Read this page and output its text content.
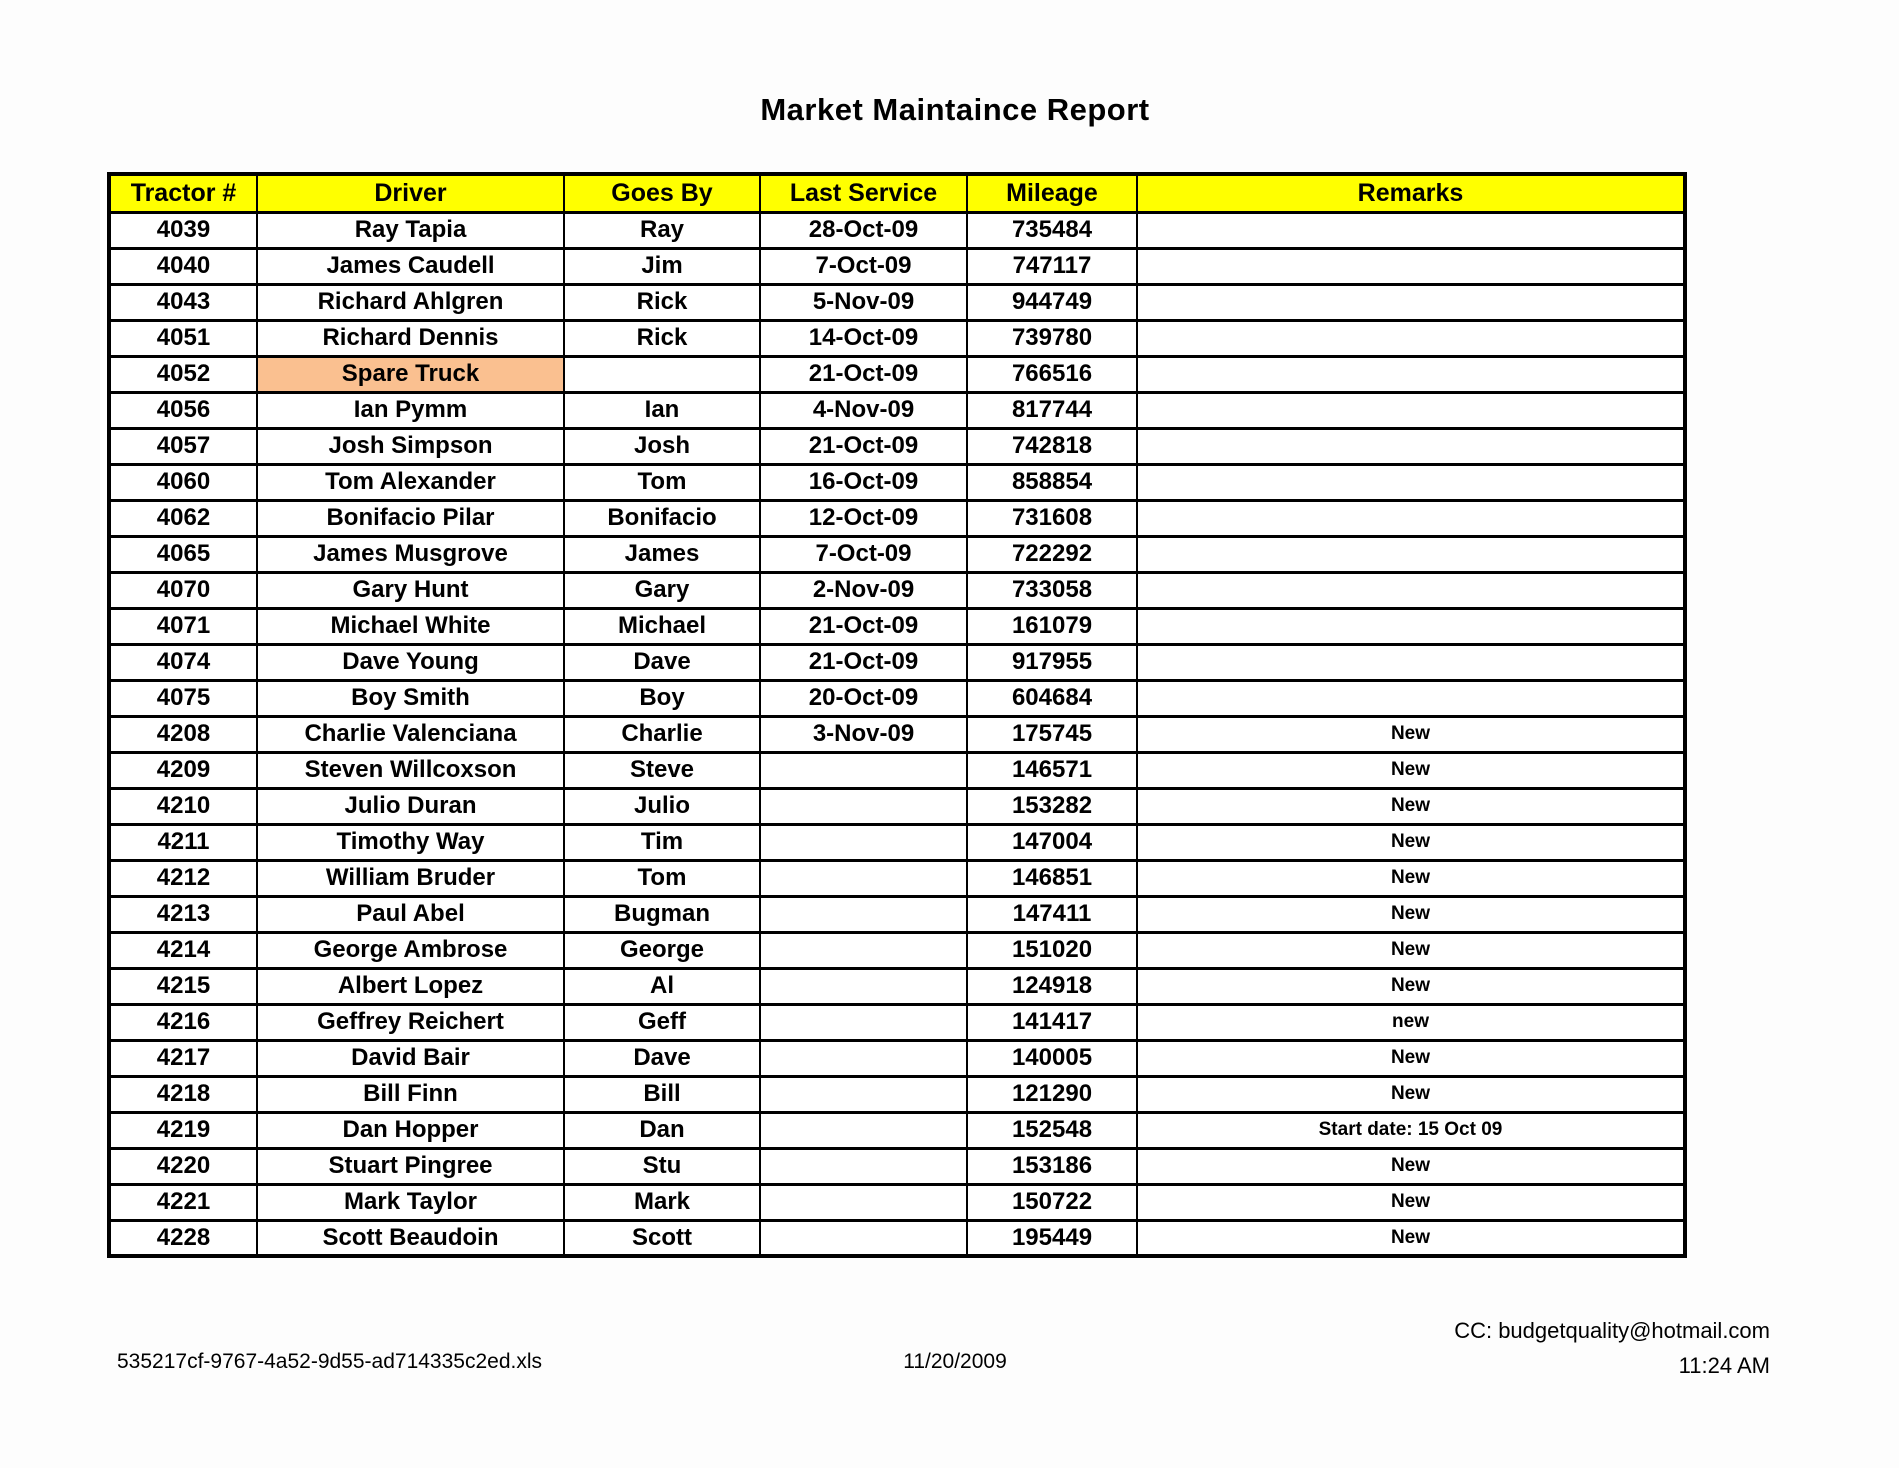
Market Maintaince Report
Tractor #	Driver	Goes By	Last Service	Mileage	Remarks
4039	Ray Tapia	Ray	28-Oct-09	735484	
4040	James Caudell	Jim	7-Oct-09	747117	
4043	Richard Ahlgren	Rick	5-Nov-09	944749	
4051	Richard Dennis	Rick	14-Oct-09	739780	
4052	Spare Truck		21-Oct-09	766516	
4056	Ian Pymm	Ian	4-Nov-09	817744	
4057	Josh Simpson	Josh	21-Oct-09	742818	
4060	Tom Alexander	Tom	16-Oct-09	858854	
4062	Bonifacio Pilar	Bonifacio	12-Oct-09	731608	
4065	James Musgrove	James	7-Oct-09	722292	
4070	Gary Hunt	Gary	2-Nov-09	733058	
4071	Michael White	Michael	21-Oct-09	161079	
4074	Dave Young	Dave	21-Oct-09	917955	
4075	Boy Smith	Boy	20-Oct-09	604684	
4208	Charlie Valenciana	Charlie	3-Nov-09	175745	New
4209	Steven Willcoxson	Steve		146571	New
4210	Julio Duran	Julio		153282	New
4211	Timothy Way	Tim		147004	New
4212	William Bruder	Tom		146851	New
4213	Paul Abel	Bugman		147411	New
4214	George Ambrose	George		151020	New
4215	Albert Lopez	Al		124918	New
4216	Geffrey Reichert	Geff		141417	new
4217	David Bair	Dave		140005	New
4218	Bill Finn	Bill		121290	New
4219	Dan Hopper	Dan		152548	Start date: 15 Oct 09
4220	Stuart Pingree	Stu		153186	New
4221	Mark Taylor	Mark		150722	New
4228	Scott Beaudoin	Scott		195449	New
535217cf-9767-4a52-9d55-ad714335c2ed.xls	11/20/2009
CC: budgetquality@hotmail.com
11:24 AM
